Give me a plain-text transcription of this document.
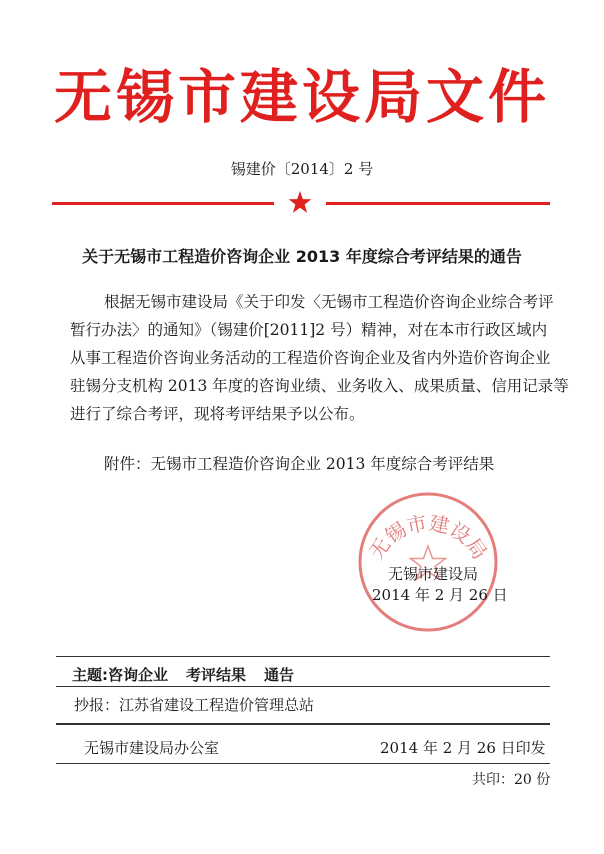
无锡市建设局文件
锡建价〔2014〕2 号
关于无锡市工程造价咨询企业 2013 年度综合考评结果的通告
根据无锡市建设局《关于印发〈无锡市工程造价咨询企业综合考评
暂行办法〉的通知》（锡建价[2011]2 号）精神，对在本市行政区域内
从事工程造价咨询业务活动的工程造价咨询企业及省内外造价咨询企业
驻锡分支机构 2013 年度的咨询业绩、业务收入、成果质量、信用记录等
进行了综合考评，现将考评结果予以公布。
附件：无锡市工程造价咨询企业 2013 年度综合考评结果
无锡市建设局
无锡市建设局
2014 年 2 月 26 日
主题:咨询企业 考评结果 通告
抄报：江苏省建设工程造价管理总站
无锡市建设局办公室	2014 年 2 月 26 日印发
共印：20 份
